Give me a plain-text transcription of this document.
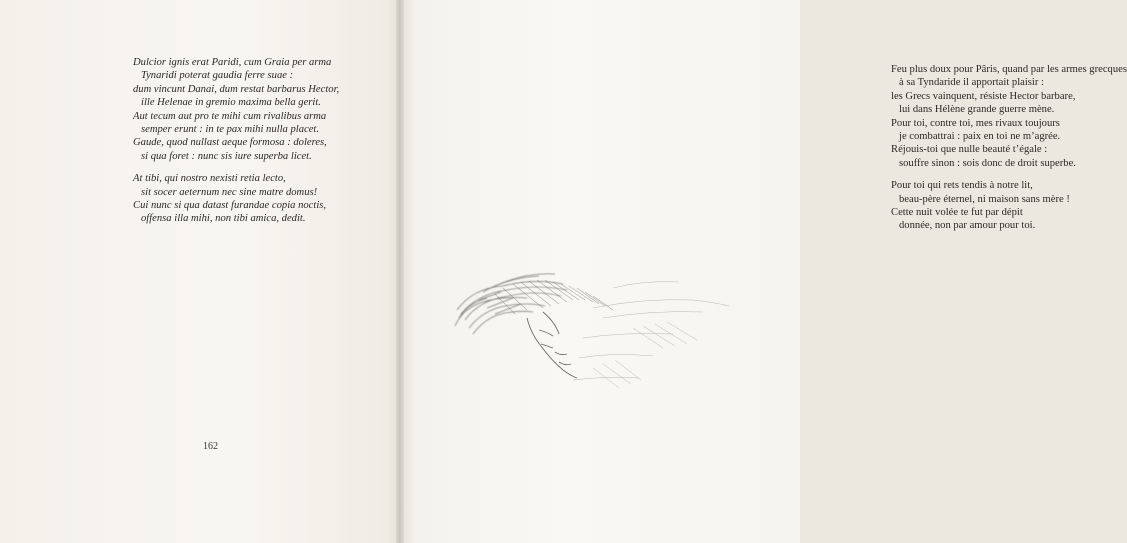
Dulcior ignis erat Paridi, cum Graia per arma
Tynaridi poterat gaudia ferre suae :
dum vincunt Danai, dum restat barbarus Hector,
ille Helenae in gremio maxima bella gerit.
Aut tecum aut pro te mihi cum rivalibus arma
semper erunt : in te pax mihi nulla placet.
Gaude, quod nullast aeque formosa : doleres,
si qua foret : nunc sis iure superba licet.
At tibi, qui nostro nexisti retia lecto,
sit socer aeternum nec sine matre domus!
Cui nunc si qua datast furandae copia noctis,
offensa illa mihi, non tibi amica, dedit.
162
Feu plus doux pour Pâris, quand par les armes grecques
à sa Tyndaride il apportait plaisir :
les Grecs vainquent, résiste Hector barbare,
lui dans Hélène grande guerre mène.
Pour toi, contre toi, mes rivaux toujours
je combattrai : paix en toi ne m’agrée.
Réjouis-toi que nulle beauté t’égale :
souffre sinon : sois donc de droit superbe.
Pour toi qui rets tendis à notre lit,
beau-père éternel, ni maison sans mère !
Cette nuit volée te fut par dépit
donnée, non par amour pour toi.
